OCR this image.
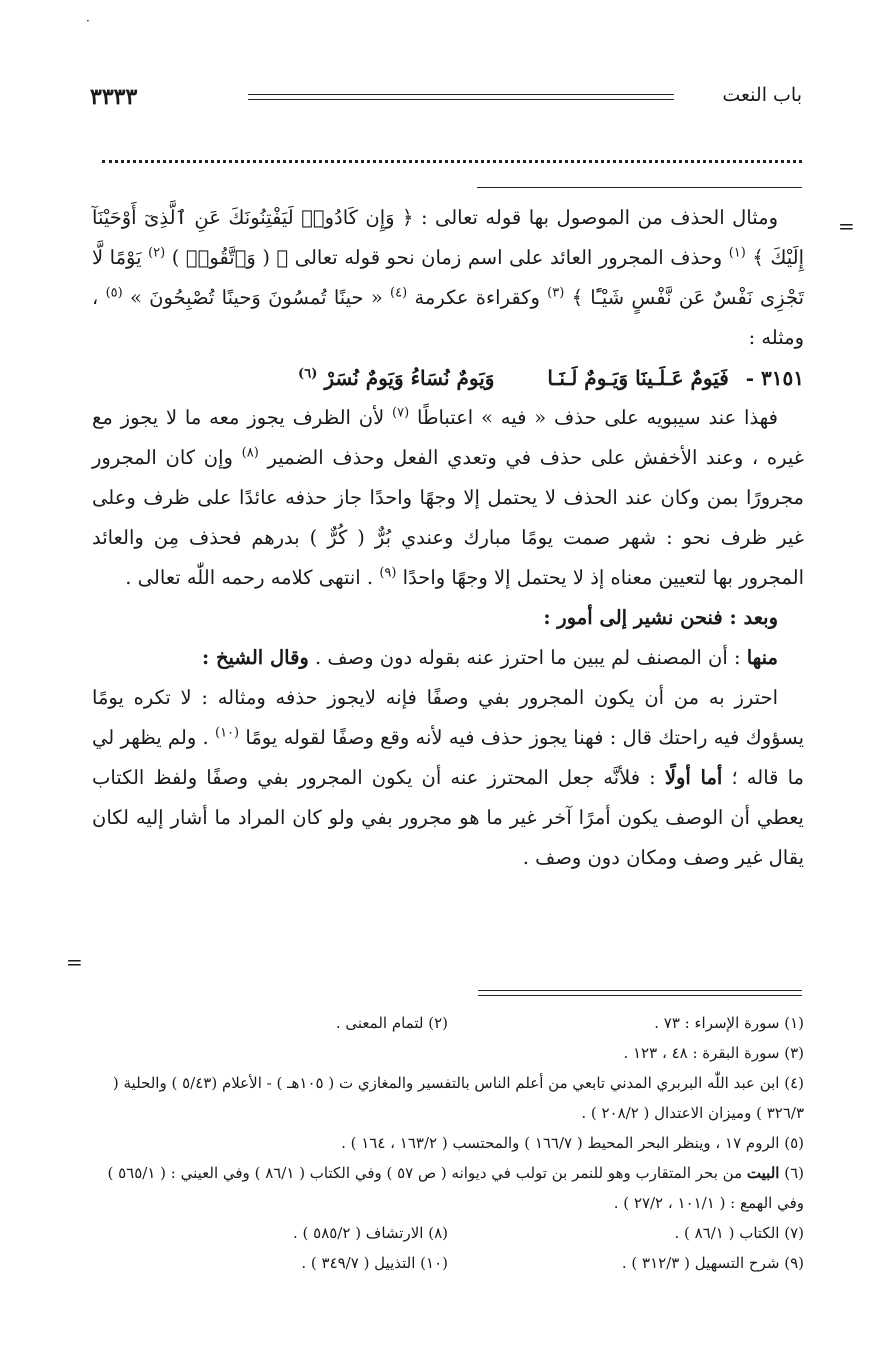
·
٣٣٣٣	باب النعت
=
=

ومثال الحذف من الموصول بها قوله تعالى : ﴿ وَإِن كَادُوا۟ لَيَفْتِنُونَكَ عَنِ ٱلَّذِىٓ أَوْحَيْنَآ إِلَيْكَ ﴾ $^{(١)}$ وحذف المجرور العائد على اسم زمان نحو قوله تعالى ﴿ ( وَٱتَّقُوا۟ ) $^{(٢)}$ يَوْمًا لَّا تَجْزِى نَفْسٌ عَن نَّفْسٍ شَيْـًٔا ﴾ $^{(٣)}$ وكقراءة عكرمة $^{(٤)}$ « حينًا تُمسُونَ وَحينًا تُصْبِحُونَ » $^{(٥)}$ ، ومثله :

٣١٥١ - فَيَومٌ عَـلَـينَا وَيَـومٌ لَـنَـا وَيَومٌ نُسَاءُ وَيَومٌ نُسَرْ $^{(٦)}$

فهذا عند سيبويه على حذف « فيه » اعتباطًا $^{(٧)}$ لأن الظرف يجوز معه ما لا يجوز مع غيره ، وعند الأخفش على حذف في وتعدي الفعل وحذف الضمير $^{(٨)}$ وإن كان المجرور مجرورًا بمن وكان عند الحذف لا يحتمل إلا وجهًا واحدًا جاز حذفه عائدًا على ظرف وعلى غير ظرف نحو : شهر صمت يومًا مبارك وعندي بُرٌّ ( كُرٌّ ) بدرهم فحذف مِن والعائد المجرور بها لتعيين معناه إذ لا يحتمل إلا وجهًا واحدًا $^{(٩)}$ . انتهى كلامه رحمه اللّٰه تعالى .

وبعد : فنحن نشير إلى أمور :

منها : أن المصنف لم يبين ما احترز عنه بقوله دون وصف . وقال الشيخ :

احترز به من أن يكون المجرور بفي وصفًا فإنه لايجوز حذفه ومثاله : لا تكره يومًا يسؤوك فيه راحتك قال : فهنا يجوز حذف فيه لأنه وقع وصفًا لقوله يومًا $^{(١٠)}$ . ولم يظهر لي ما قاله ؛ أما أولًا : فلأنَّه جعل المحترز عنه أن يكون المجرور بفي وصفًا ولفظ الكتاب يعطي أن الوصف يكون أمرًا آخر غير ما هو مجرور بفي ولو كان المراد ما أشار إليه لكان يقال غير وصف ومكان دون وصف .

(١) سورة الإسراء : ٧٣ .

(٢) لتمام المعنى .

(٣) سورة البقرة : ٤٨ ، ١٢٣ .

(٤) ابن عبد اللّٰه البربري المدني تابعي من أعلم الناس بالتفسير والمغازي ت ( ١٠٥هـ ) - الأعلام (٥/٤٣ ) والحلية ( ٣٢٦/٣ ) وميزان الاعتدال ( ٢٠٨/٢ ) .

(٥) الروم ١٧ ، وينظر البحر المحيط ( ١٦٦/٧ ) والمحتسب ( ١٦٣/٢ ، ١٦٤ ) .

(٦) البيت من بحر المتقارب وهو للنمر بن تولب في ديوانه ( ص ٥٧ ) وفي الكتاب ( ٨٦/١ ) وفي العيني : ( ٥٦٥/١ ) وفي الهمع : ( ١٠١/١ ، ٢٧/٢ ) .

(٧) الكتاب ( ٨٦/١ ) .

(٨) الارتشاف ( ٥٨٥/٢ ) .

(٩) شرح التسهيل ( ٣١٢/٣ ) .

(١٠) التذييل ( ٣٤٩/٧ ) .
